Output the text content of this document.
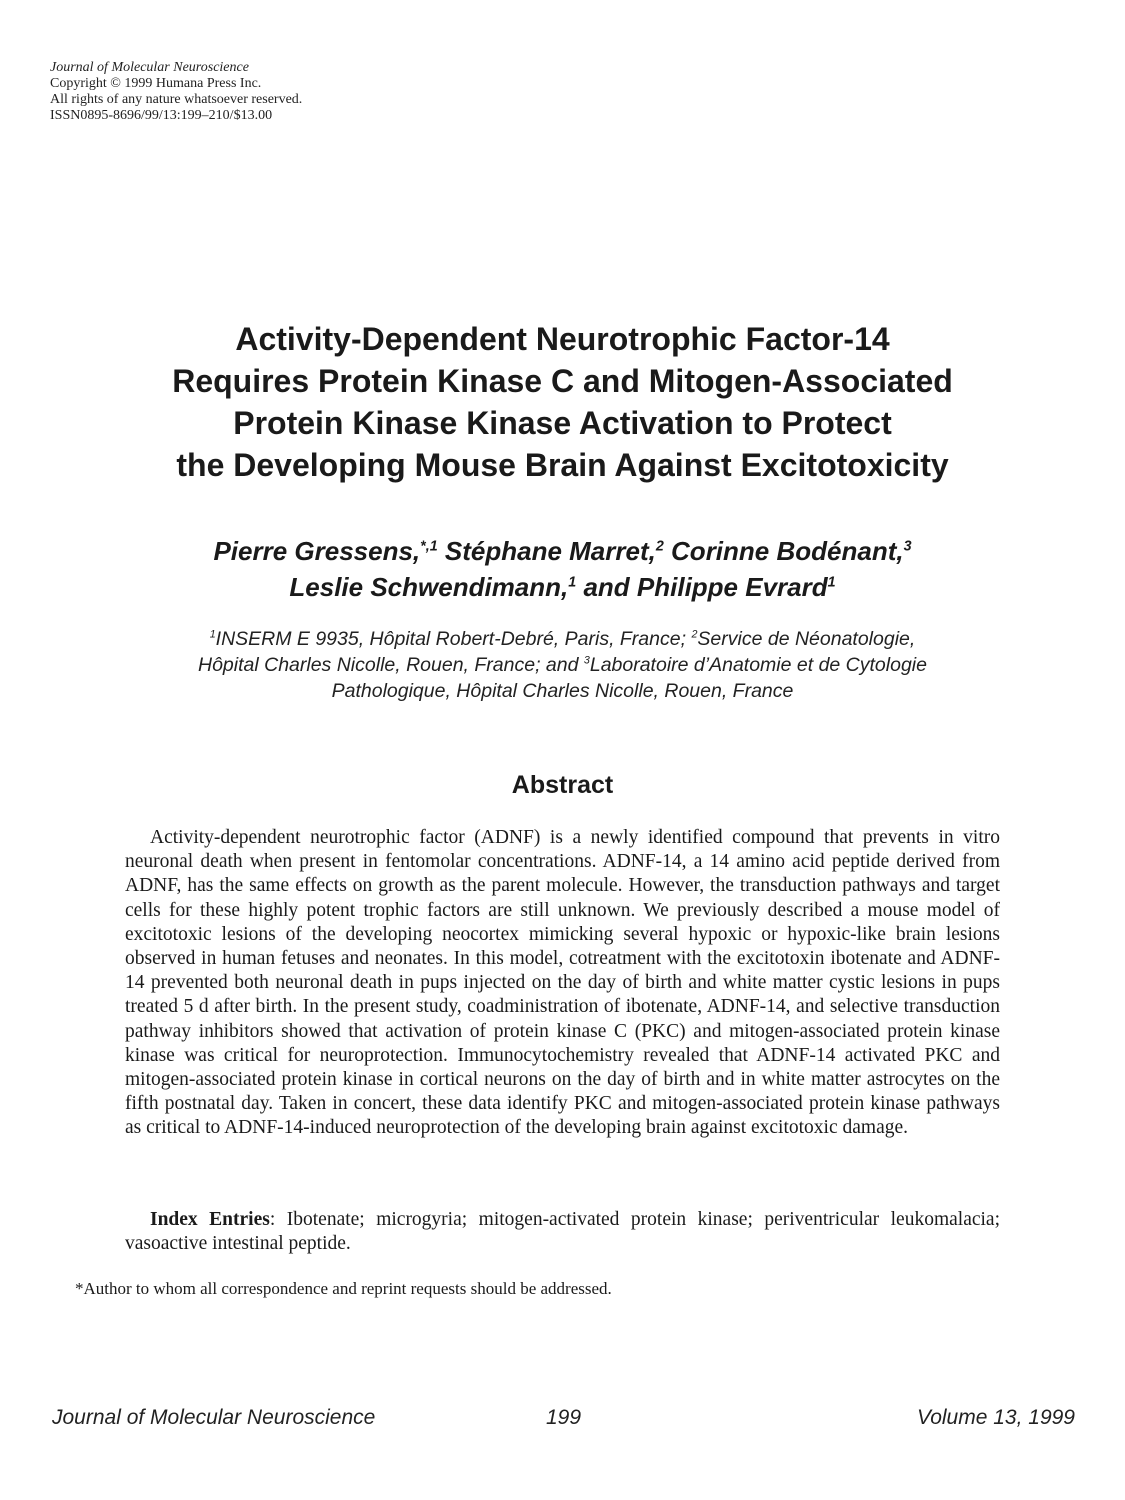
Journal of Molecular Neuroscience
Copyright © 1999 Humana Press Inc.
All rights of any nature whatsoever reserved.
ISSN0895-8696/99/13:199–210/$13.00
Activity-Dependent Neurotrophic Factor-14
Requires Protein Kinase C and Mitogen-Associated
Protein Kinase Kinase Activation to Protect
the Developing Mouse Brain Against Excitotoxicity
Pierre Gressens,$^{*,1}$ Stéphane Marret,$^2$ Corinne Bodénant,$^3$
Leslie Schwendimann,$^1$ and Philippe Evrard$^1$
$^1$INSERM E 9935, Hôpital Robert-Debré, Paris, France; $^2$Service de Néonatologie,
Hôpital Charles Nicolle, Rouen, France; and $^3$Laboratoire d’Anatomie et de Cytologie
Pathologique, Hôpital Charles Nicolle, Rouen, France
Abstract

Activity-dependent neurotrophic factor (ADNF) is a newly identified compound that prevents in vitro neuronal death when present in fentomolar concentrations. ADNF-14, a 14 amino acid peptide derived from ADNF, has the same effects on growth as the parent molecule. However, the transduction pathways and target cells for these highly potent trophic factors are still unknown. We previously described a mouse model of excitotoxic lesions of the developing neocortex mimicking several hypoxic or hypoxic-like brain lesions observed in human fetuses and neonates. In this model, cotreatment with the excitotoxin ibotenate and ADNF-14 prevented both neuronal death in pups injected on the day of birth and white matter cystic lesions in pups treated 5 d after birth. In the present study, coadministration of ibotenate, ADNF-14, and selective transduction pathway inhibitors showed that activation of protein kinase C (PKC) and mitogen-associated protein kinase kinase was critical for neuroprotection. Immunocytochemistry revealed that ADNF-14 activated PKC and mitogen-associated protein kinase in cortical neurons on the day of birth and in white matter astrocytes on the fifth postnatal day. Taken in concert, these data identify PKC and mitogen-associated protein kinase pathways as critical to ADNF-14-induced neuroprotection of the developing brain against excitotoxic damage.

Index Entries: Ibotenate; microgyria; mitogen-activated protein kinase; periventricular leukomalacia; vasoactive intestinal peptide.

*Author to whom all correspondence and reprint requests should be addressed.
Journal of Molecular Neuroscience	199	Volume 13, 1999
